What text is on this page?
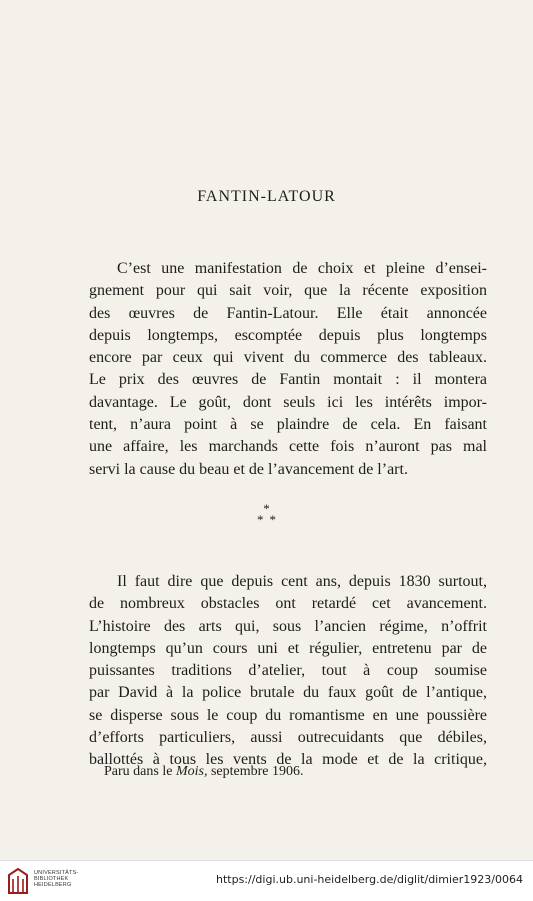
FANTIN-LATOUR

C’est une manifestation de choix et pleine d’ensei-
gnement pour qui sait voir, que la récente exposition
des œuvres de Fantin-Latour. Elle était annoncée
depuis longtemps, escomptée depuis plus longtemps
encore par ceux qui vivent du commerce des tableaux.
Le prix des œuvres de Fantin montait : il montera
davantage. Le goût, dont seuls ici les intérêts impor-
tent, n’aura point à se plaindre de cela. En faisant
une affaire, les marchands cette fois n’auront pas mal
servi la cause du beau et de l’avancement de l’art.

*
**

Il faut dire que depuis cent ans, depuis 1830 surtout,
de nombreux obstacles ont retardé cet avancement.
L’histoire des arts qui, sous l’ancien régime, n’offrit
longtemps qu’un cours uni et régulier, entretenu par de
puissantes traditions d’atelier, tout à coup soumise
par David à la police brutale du faux goût de l’antique,
se disperse sous le coup du romantisme en une poussière
d’efforts particuliers, aussi outrecuidants que débiles,
ballottés à tous les vents de la mode et de la critique,

Paru dans le Mois, septembre 1906.
UNIVERSITÄTS-
BIBLIOTHEK
HEIDELBERG	https://digi.ub.uni-heidelberg.de/diglit/dimier1923/0064
